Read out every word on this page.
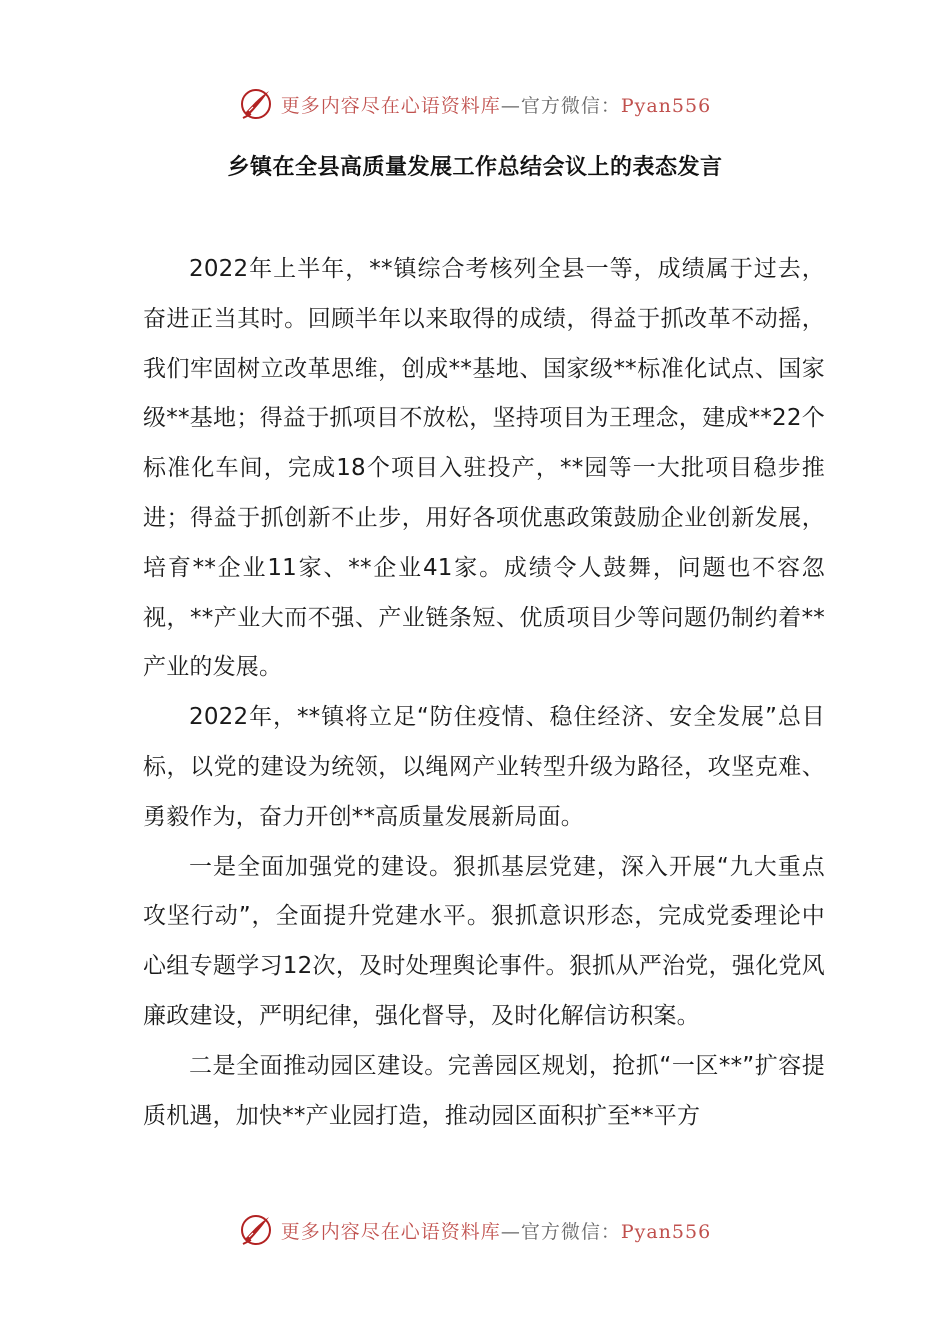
更多内容尽在心语资料库—官方微信：Pyan556
乡镇在全县高质量发展工作总结会议上的表态发言

2022年上半年，**镇综合考核列全县一等，成绩属于过去，奋进正当其时。回顾半年以来取得的成绩，得益于抓改革不动摇，我们牢固树立改革思维，创成**基地、国家级**标准化试点、国家级**基地；得益于抓项目不放松，坚持项目为王理念，建成**22个标准化车间，完成18个项目入驻投产，**园等一大批项目稳步推进；得益于抓创新不止步，用好各项优惠政策鼓励企业创新发展，培育**企业11家、**企业41家。成绩令人鼓舞，问题也不容忽视，**产业大而不强、产业链条短、优质项目少等问题仍制约着**产业的发展。

2022年，**镇将立足“防住疫情、稳住经济、安全发展”总目标，以党的建设为统领，以绳网产业转型升级为路径，攻坚克难、勇毅作为，奋力开创**高质量发展新局面。

一是全面加强党的建设。狠抓基层党建，深入开展“九大重点攻坚行动”，全面提升党建水平。狠抓意识形态，完成党委理论中心组专题学习12次，及时处理舆论事件。狠抓从严治党，强化党风廉政建设，严明纪律，强化督导，及时化解信访积案。

二是全面推动园区建设。完善园区规划，抢抓“一区**”扩容提质机遇，加快**产业园打造，推动园区面积扩至**平方

更多内容尽在心语资料库—官方微信：Pyan556
